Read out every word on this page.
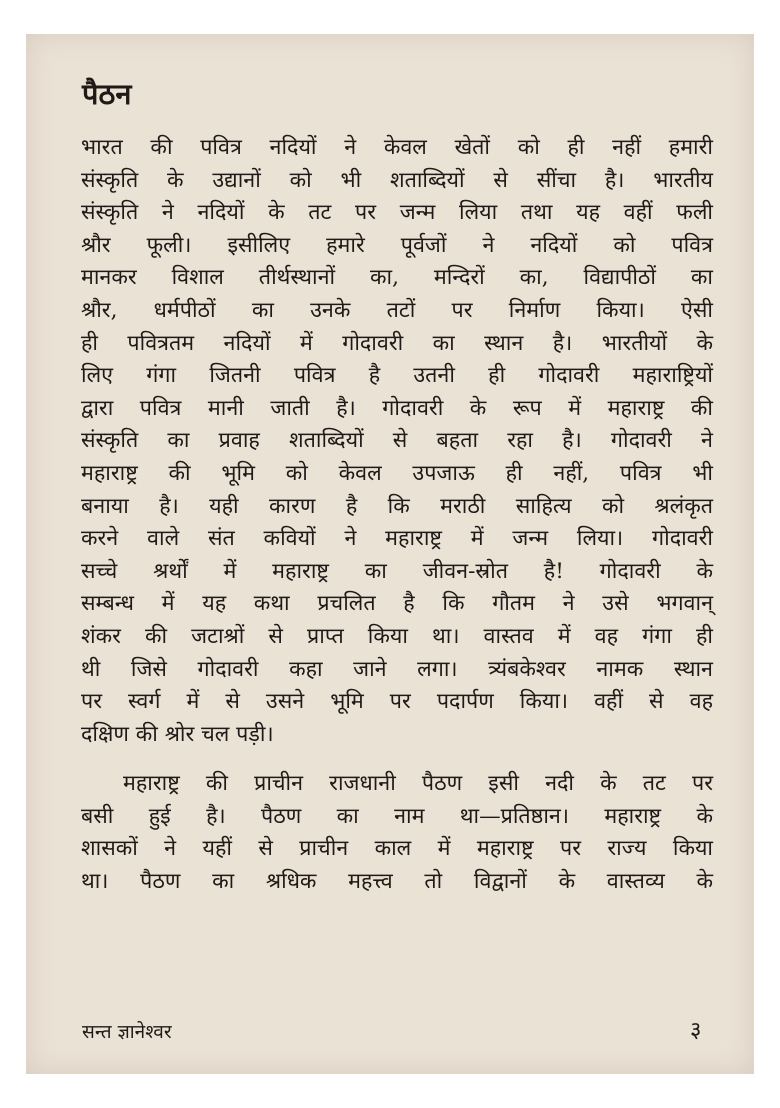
पैठन
भारत की पवित्र नदियों ने केवल खेतों को ही नहीं हमारी
संस्कृति के उद्यानों को भी शताब्दियों से सींचा है। भारतीय
संस्कृति ने नदियों के तट पर जन्म लिया तथा यह वहीं फली
श्रौर फूली। इसीलिए हमारे पूर्वजों ने नदियों को पवित्र
मानकर विशाल तीर्थस्थानों का, मन्दिरों का, विद्यापीठों का
श्रौर, धर्मपीठों का उनके तटों पर निर्माण किया। ऐसी
ही पवित्रतम नदियों में गोदावरी का स्थान है। भारतीयों के
लिए गंगा जितनी पवित्र है उतनी ही गोदावरी महाराष्ट्रियों
द्वारा पवित्र मानी जाती है। गोदावरी के रूप में महाराष्ट्र की
संस्कृति का प्रवाह शताब्दियों से बहता रहा है। गोदावरी ने
महाराष्ट्र की भूमि को केवल उपजाऊ ही नहीं, पवित्र भी
बनाया है। यही कारण है कि मराठी साहित्य को श्रलंकृत
करने वाले संत कवियों ने महाराष्ट्र में जन्म लिया। गोदावरी
सच्चे श्रर्थों में महाराष्ट्र का जीवन-स्रोत है! गोदावरी के
सम्बन्ध में यह कथा प्रचलित है कि गौतम ने उसे भगवान्
शंकर की जटाश्रों से प्राप्त किया था। वास्तव में वह गंगा ही
थी जिसे गोदावरी कहा जाने लगा। त्र्यंबकेश्वर नामक स्थान
पर स्वर्ग में से उसने भूमि पर पदार्पण किया। वहीं से वह
दक्षिण की श्रोर चल पड़ी।
महाराष्ट्र की प्राचीन राजधानी पैठण इसी नदी के तट पर
बसी हुई है। पैठण का नाम था—प्रतिष्ठान। महाराष्ट्र के
शासकों ने यहीं से प्राचीन काल में महाराष्ट्र पर राज्य किया
था। पैठण का श्रधिक महत्त्व तो विद्वानों के वास्तव्य के
सन्त ज्ञानेश्वर	३
